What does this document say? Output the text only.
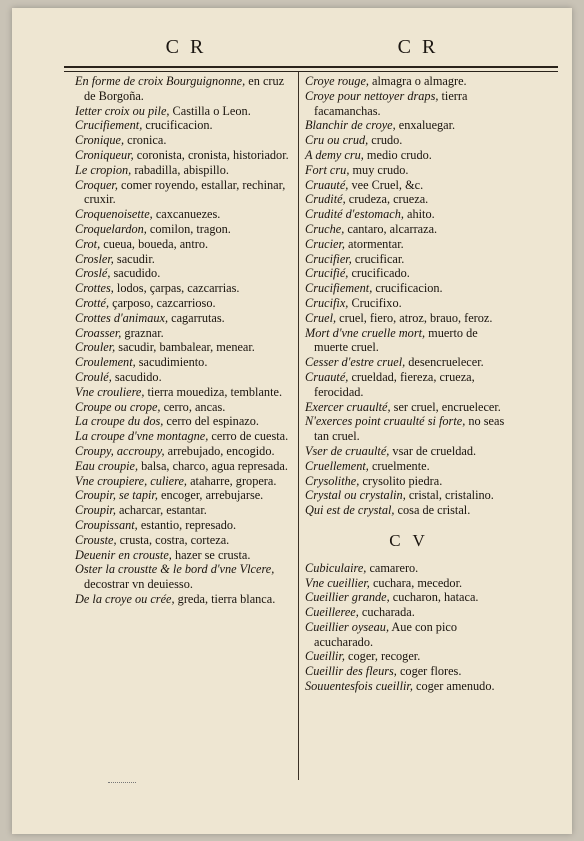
C R	C R

En forme de croix Bourguignonne, en cruz de Borgoña.

Ietter croix ou pile, Castilla o Leon.

Crucifiement, crucificacion.

Cronique, cronica.

Croniqueur, coronista, cronista, historiador.

Le cropion, rabadilla, abispillo.

Croquer, comer royendo, estallar, rechinar, cruxir.

Croquenoisette, caxcanuezes.

Croquelardon, comilon, tragon.

Crot, cueua, boueda, antro.

Crosler, sacudir.

Croslé, sacudido.

Crottes, lodos, çarpas, cazcarrias.

Crotté, çarposo, cazcarrioso.

Crottes d'animaux, cagarrutas.

Croasser, graznar.

Crouler, sacudir, bambalear, menear.

Croulement, sacudimiento.

Croulé, sacudido.

Vne crouliere, tierra mouediza, temblante.

Croupe ou crope, cerro, ancas.

La croupe du dos, cerro del espinazo.

La croupe d'vne montagne, cerro de cuesta.

Croupy, accroupy, arrebujado, encogido.

Eau croupie, balsa, charco, agua represada.

Vne croupiere, culiere, ataharre, gropera.

Croupir, se tapir, encoger, arrebujarse.

Croupir, acharcar, estantar.

Croupissant, estantio, represado.

Crouste, crusta, costra, corteza.

Deuenir en crouste, hazer se crusta.

Oster la croustte & le bord d'vne Vlcere, decostrar vn deuiesso.

De la croye ou crée, greda, tierra blanca.

Croye rouge, almagra o almagre.

Croye pour nettoyer draps, tierra facamanchas.

Blanchir de croye, enxaluegar.

Cru ou crud, crudo.

A demy cru, medio crudo.

Fort cru, muy crudo.

Cruauté, vee Cruel, &c.

Crudité, crudeza, crueza.

Crudité d'estomach, ahito.

Cruche, cantaro, alcarraza.

Crucier, atormentar.

Crucifier, crucificar.

Crucifié, crucificado.

Crucifiement, crucificacion.

Crucifix, Crucifixo.

Cruel, cruel, fiero, atroz, brauo, feroz.

Mort d'vne cruelle mort, muerto de muerte cruel.

Cesser d'estre cruel, desencruelecer.

Cruauté, crueldad, fiereza, crueza, ferocidad.

Exercer cruaulté, ser cruel, encruelecer.

N'exerces point cruaulté si forte, no seas tan cruel.

Vser de cruaulté, vsar de crueldad.

Cruellement, cruelmente.

Crysolithe, crysolito piedra.

Crystal ou crystalin, cristal, cristalino.

Qui est de crystal, cosa de cristal.

C V

Cubiculaire, camarero.

Vne cueillier, cuchara, mecedor.

Cueillier grande, cucharon, hataca.

Cueilleree, cucharada.

Cueillier oyseau, Aue con pico acucharado.

Cueillir, coger, recoger.

Cueillir des fleurs, coger flores.

Souuentesfois cueillir, coger amenudo.
